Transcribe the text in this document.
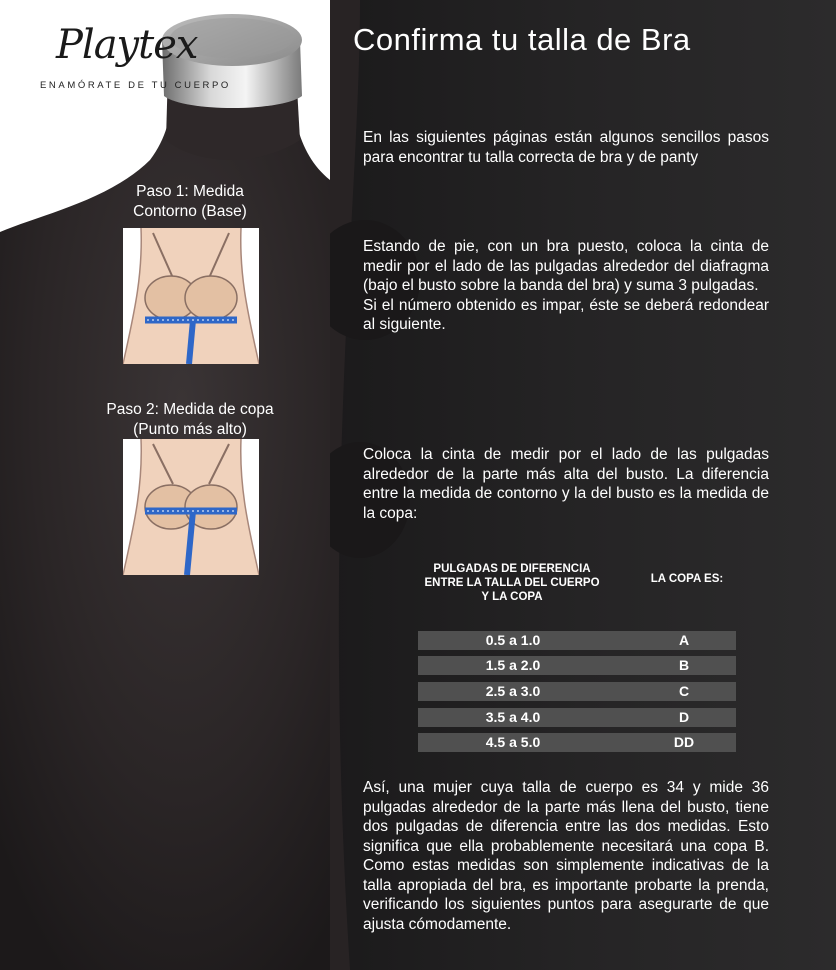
Playtex
ENAMÓRATE DE TU CUERPO
Paso 1: Medida
Contorno (Base)
Paso 2: Medida de copa
(Punto más alto)
Confirma tu talla de Bra
En las siguientes páginas están algunos sencillos pasos para encontrar tu talla correcta de bra y de panty
Estando de pie, con un bra puesto, coloca la cinta de medir por el lado de las pulgadas alrededor del diafragma (bajo el busto sobre la banda del bra) y suma 3 pulgadas.
Si el número obtenido es impar, éste se deberá redondear al siguiente.
Coloca la cinta de medir por el lado de las pulgadas alrededor de la parte más alta del busto. La diferencia entre la medida de contorno y la del busto es la medida de la copa:
PULGADAS DE DIFERENCIA
ENTRE LA TALLA DEL CUERPO
Y LA COPA
LA COPA ES:
0.5 a 1.0	A
1.5 a 2.0	B
2.5 a 3.0	C
3.5 a 4.0	D
4.5 a 5.0	DD
Así, una mujer cuya talla de cuerpo es 34 y mide 36 pulgadas alrededor de la parte más llena del busto, tiene dos pulgadas de diferencia entre las dos medidas. Esto significa que ella probablemente necesitará una copa B. Como estas medidas son simplemente indicativas de la talla apropiada del bra, es importante probarte la prenda, verificando los siguientes puntos para asegurarte de que ajusta cómodamente.
